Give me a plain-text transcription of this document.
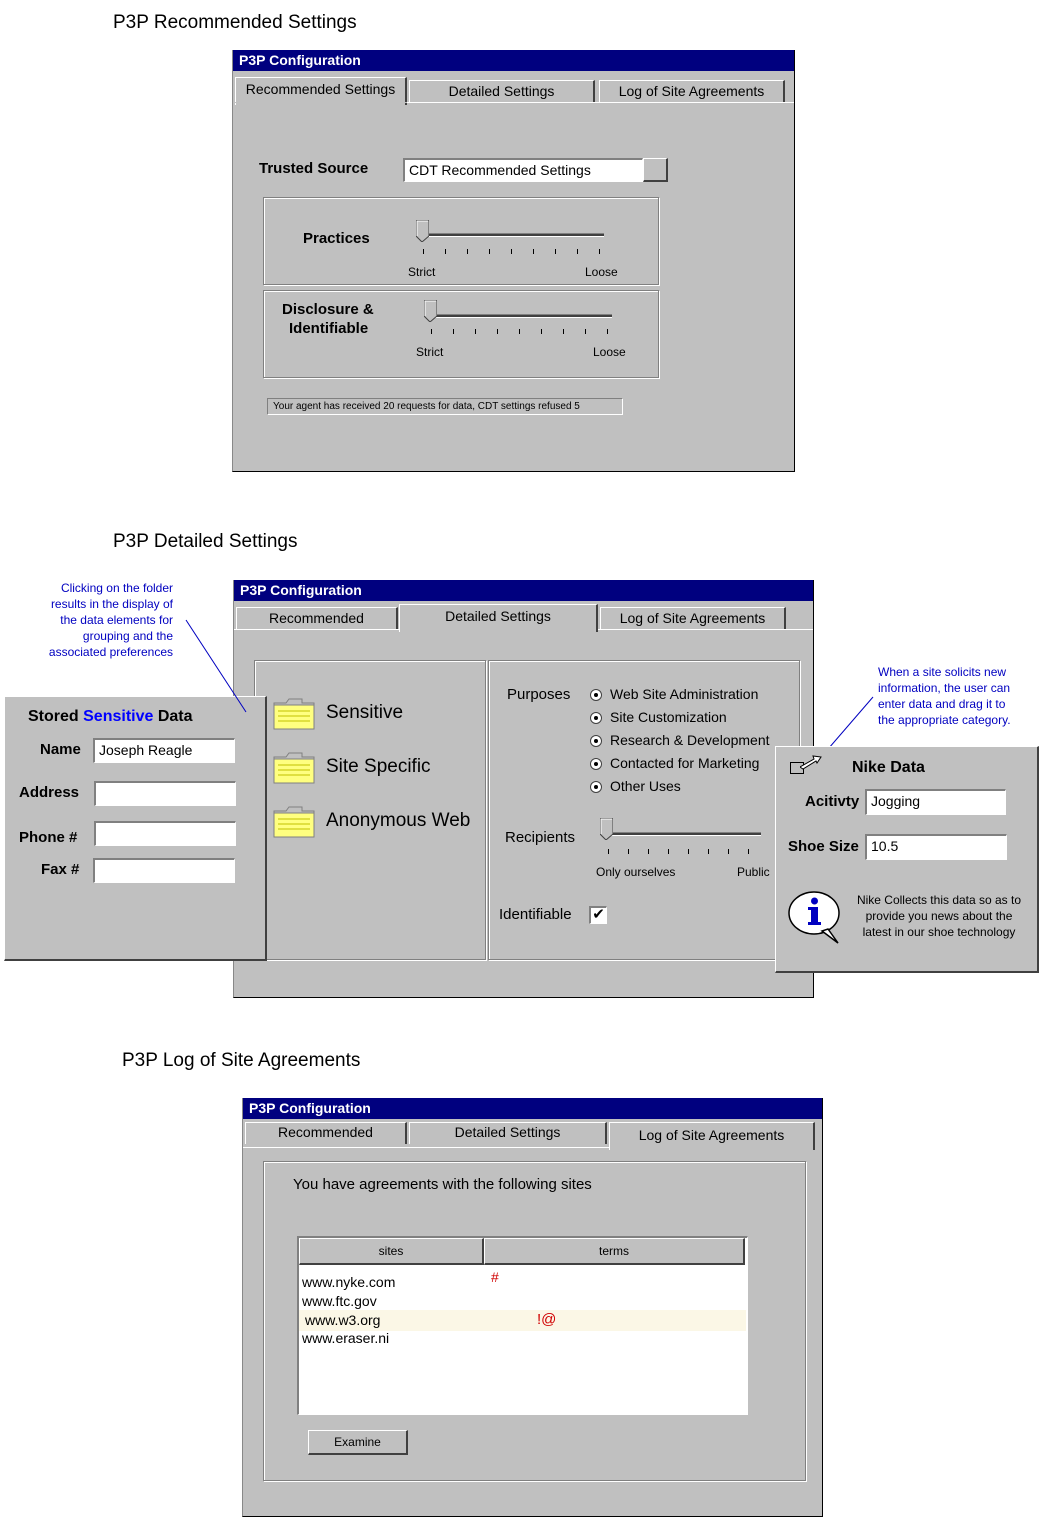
P3P Recommended Settings
P3P Configuration
Recommended Settings	Detailed Settings	Log of Site Agreements
Trusted Source	CDT Recommended Settings
Practices
Strict	Loose
Disclosure &
Identifiable
Strict	Loose
Your agent has received 20 requests for data, CDT settings refused 5
P3P Detailed Settings
Clicking on the folder
results in the display of
the data elements for
grouping and the
associated preferences
P3P Configuration
Recommended	Detailed Settings	Log of Site Agreements
Sensitive
Site Specific
Anonymous Web
Purposes	Web Site Administration
Site Customization
Research & Development
Contacted for Marketing
Other Uses
Recipients
Only ourselves	Public
Identifiable ✔
Stored Sensitive Data
Name	Joseph Reagle
Address
Phone #
Fax #
When a site solicits new
information, the user can
enter data and drag it to
the appropriate category.
Nike Data
Acitivty Jogging
Shoe Size 10.5
Nike Collects this data so as to
provide you news about the
latest in our shoe technology
P3P Log of Site Agreements
P3P Configuration
Recommended	Detailed Settings	Log of Site Agreements
You have agreements with the following sites
sites	terms
www.nyke.com	#
www.ftc.gov
www.w3.org	!@
www.eraser.ni
Examine
